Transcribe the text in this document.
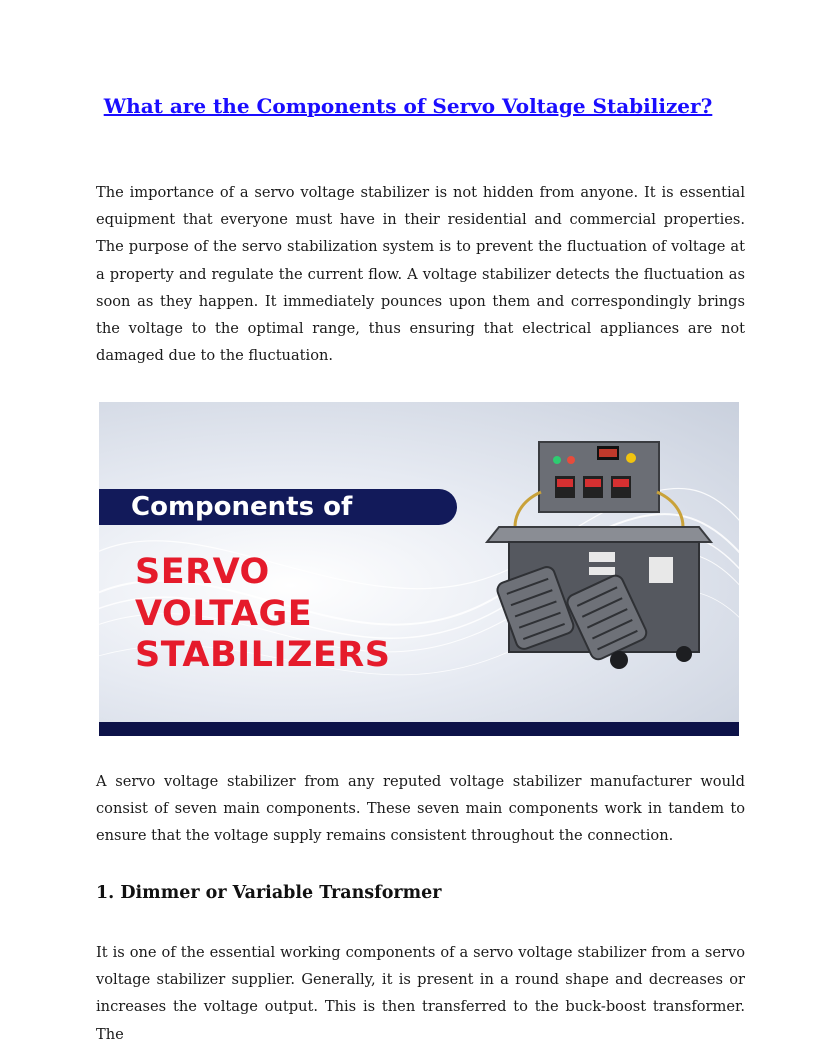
What are the Components of Servo Voltage Stabilizer?

The importance of a servo voltage stabilizer is not hidden from anyone. It is essential equipment that everyone must have in their residential and commercial properties. The purpose of the servo stabilization system is to prevent the fluctuation of voltage at a property and regulate the current flow. A voltage stabilizer detects the fluctuation as soon as they happen. It immediately pounces upon them and correspondingly brings the voltage to the optimal range, thus ensuring that electrical appliances are not damaged due to the fluctuation.

Components of
SERVO
VOLTAGE
STABILIZERS

A servo voltage stabilizer from any reputed voltage stabilizer manufacturer would consist of seven main components. These seven main components work in tandem to ensure that the voltage supply remains consistent throughout the connection.

1. Dimmer or Variable Transformer

It is one of the essential working components of a servo voltage stabilizer from a servo voltage stabilizer supplier. Generally, it is present in a round shape and decreases or increases the voltage output. This is then transferred to the buck-boost transformer. The
